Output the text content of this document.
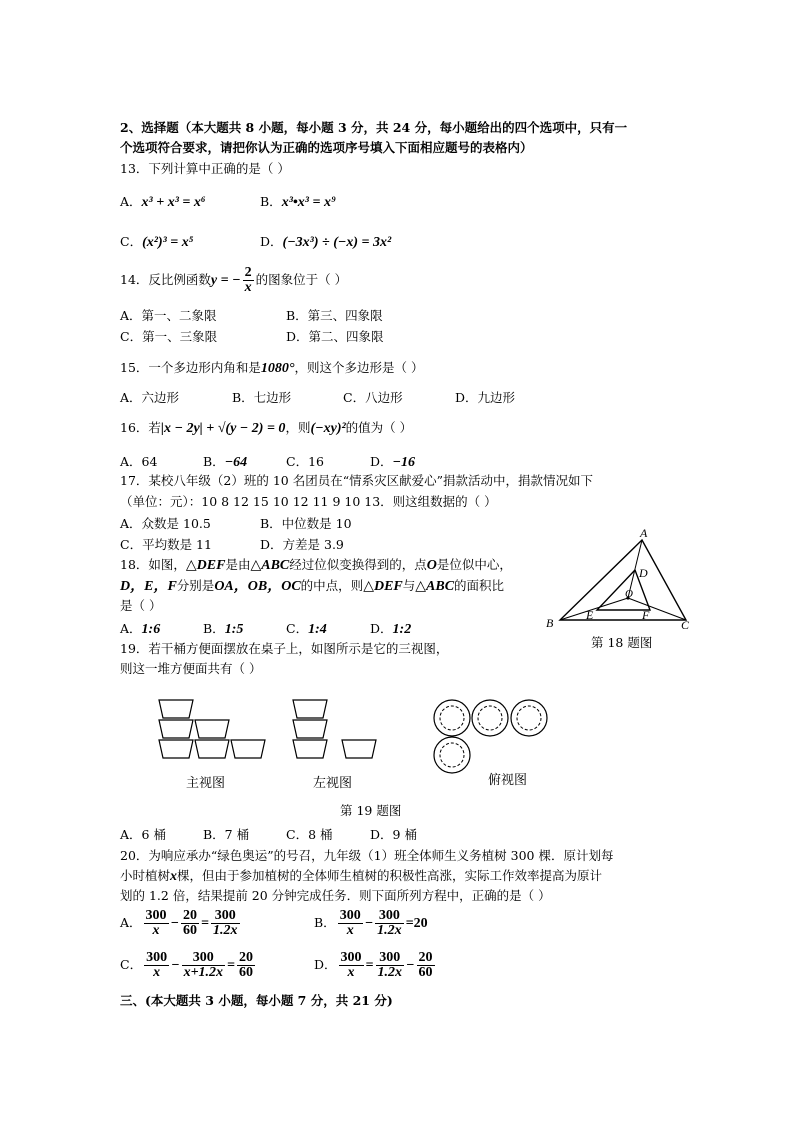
2、选择题（本大题共 8 小题，每小题 3 分，共 24 分，每小题给出的四个选项中，只有一
个选项符合要求，请把你认为正确的选项序号填入下面相应题号的表格内）
13．下列计算中正确的是（ ）
A．x³ + x³ = x⁶	B．x³•x³ = x⁹
C．(x²)³ = x⁵	D．(−3x³) ÷ (−x) = 3x²
14．反比例函数y = − $\frac{2}{x}$ 的图象位于（ ）
A．第一、二象限	B．第三、四象限
C．第一、三象限	D．第二、四象限
15．一个多边形内角和是1080°，则这个多边形是（ ）
A．六边形	B．七边形	C．八边形	D．九边形
16．若|x − 2y| + √(y − 2) = 0，则(−xy)²的值为（ ）
A．64	B．−64	C．16	D．−16
17．某校八年级（2）班的 10 名团员在“情系灾区献爱心”捐款活动中，捐款情况如下
（单位：元）：10 8 12 15 10 12 11 9 10 13．则这组数据的（ ）
A．众数是 10.5	B．中位数是 10
C．平均数是 11	D．方差是 3.9
18．如图，△DEF是由△ABC经过位似变换得到的，点O是位似中心，
D，E，F分别是OA，OB，OC的中点，则△DEF与△ABC的面积比
是（ ）
A．1:6	B．1:5	C．1:4	D．1:2
A
B	C
D
E	F
O
第 18 题图
19．若干桶方便面摆放在桌子上，如图所示是它的三视图，
则这一堆方便面共有（ ）
主视图	左视图	俯视图
第 19 题图
A．6 桶	B．7 桶	C．8 桶	D．9 桶
20．为响应承办“绿色奥运”的号召，九年级（1）班全体师生义务植树 300 棵．原计划每
小时植树x棵，但由于参加植树的全体师生植树的积极性高涨，实际工作效率提高为原计
划的 1.2 倍，结果提前 20 分钟完成任务．则下面所列方程中，正确的是（ ）
A． $\frac{300}{x} - \frac{20}{60} = \frac{300}{1.2x}$	B． $\frac{300}{x} - \frac{300}{1.2x} =20$
C． $\frac{300}{x} - \frac{300}{x+1.2x} = \frac{20}{60}$	D． $\frac{300}{x} = \frac{300}{1.2x} - \frac{20}{60}$
三、(本大题共 3 小题，每小题 7 分，共 21 分)
